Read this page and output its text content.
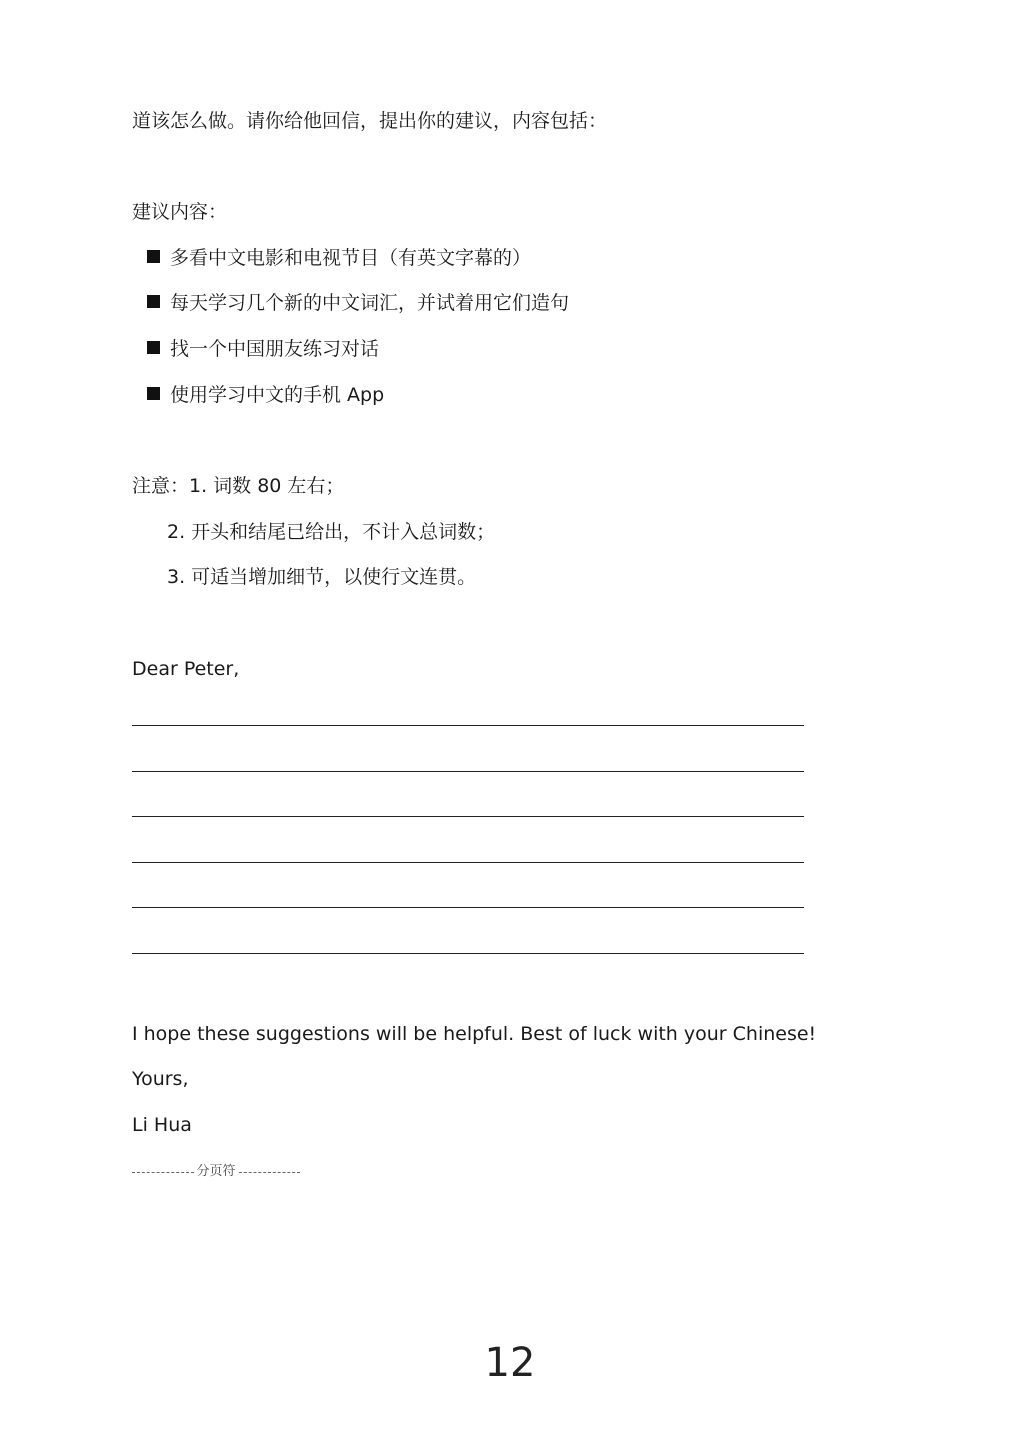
道该怎么做。请你给他回信，提出你的建议，内容包括：
建议内容：
多看中文电影和电视节目（有英文字幕的）
每天学习几个新的中文词汇，并试着用它们造句
找一个中国朋友练习对话
使用学习中文的手机 App
注意：1. 词数 80 左右；
2. 开头和结尾已给出，不计入总词数；
3. 可适当增加细节，以使行文连贯。
Dear Peter,
I hope these suggestions will be helpful. Best of luck with your Chinese!
Yours,
Li Hua
分页符
12
